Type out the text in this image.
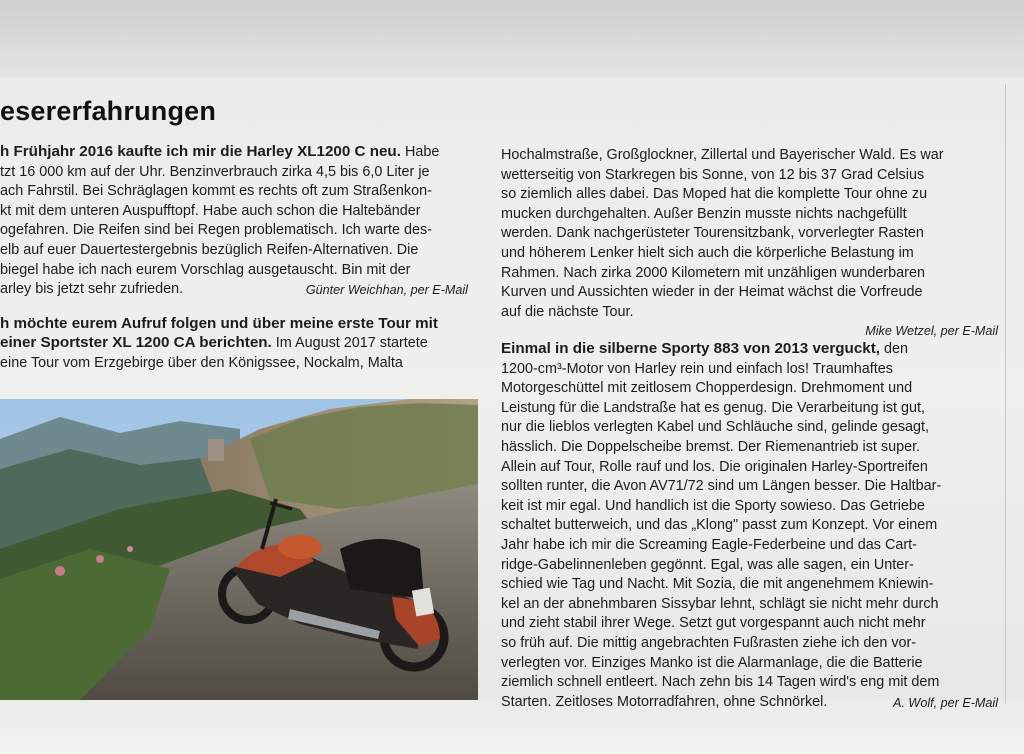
esererfahrungen
h Frühjahr 2016 kaufte ich mir die Harley XL1200 C neu. Habe
tzt 16 000 km auf der Uhr. Benzinverbrauch zirka 4,5 bis 6,0 Liter je
ach Fahrstil. Bei Schräglagen kommt es rechts oft zum Straßenkon-
kt mit dem unteren Auspufftopf. Habe auch schon die Haltebänder
ogefahren. Die Reifen sind bei Regen problematisch. Ich warte des-
elb auf euer Dauertestergebnis bezüglich Reifen-Alternativen. Die
biegel habe ich nach eurem Vorschlag ausgetauscht. Bin mit der
arley bis jetzt sehr zufrieden.	Günter Weichhan, per E-Mail
h möchte eurem Aufruf folgen und über meine erste Tour mit
einer Sportster XL 1200 CA berichten. Im August 2017 startete
eine Tour vom Erzgebirge über den Königssee, Nockalm, Malta
Hochalmstraße, Großglockner, Zillertal und Bayerischer Wald. Es war
wetterseitig von Starkregen bis Sonne, von 12 bis 37 Grad Celsius
so ziemlich alles dabei. Das Moped hat die komplette Tour ohne zu
mucken durchgehalten. Außer Benzin musste nichts nachgefüllt
werden. Dank nachgerüsteter Tourensitzbank, vorverlegter Rasten
und höherem Lenker hielt sich auch die körperliche Belastung im
Rahmen. Nach zirka 2000 Kilometern mit unzähligen wunderbaren
Kurven und Aussichten wieder in der Heimat wächst die Vorfreude
auf die nächste Tour.
Mike Wetzel, per E-Mail
Einmal in die silberne Sporty 883 von 2013 verguckt, den
1200-cm³-Motor von Harley rein und einfach los! Traumhaftes
Motorgeschüttel mit zeitlosem Chopperdesign. Drehmoment und
Leistung für die Landstraße hat es genug. Die Verarbeitung ist gut,
nur die lieblos verlegten Kabel und Schläuche sind, gelinde gesagt,
hässlich. Die Doppelscheibe bremst. Der Riemenantrieb ist super.
Allein auf Tour, Rolle rauf und los. Die originalen Harley-Sportreifen
sollten runter, die Avon AV71/72 sind um Längen besser. Die Haltbar-
keit ist mir egal. Und handlich ist die Sporty sowieso. Das Getriebe
schaltet butterweich, und das „Klong" passt zum Konzept. Vor einem
Jahr habe ich mir die Screaming Eagle-Federbeine und das Cart-
ridge-Gabelinnenleben gegönnt. Egal, was alle sagen, ein Unter-
schied wie Tag und Nacht. Mit Sozia, die mit angenehmem Kniewin-
kel an der abnehmbaren Sissybar lehnt, schlägt sie nicht mehr durch
und zieht stabil ihrer Wege. Setzt gut vorgespannt auch nicht mehr
so früh auf. Die mittig angebrachten Fußrasten ziehe ich den vor-
verlegten vor. Einziges Manko ist die Alarmanlage, die die Batterie
ziemlich schnell entleert. Nach zehn bis 14 Tagen wird's eng mit dem
Starten. Zeitloses Motorradfahren, ohne Schnörkel.	A. Wolf, per E-Mail
